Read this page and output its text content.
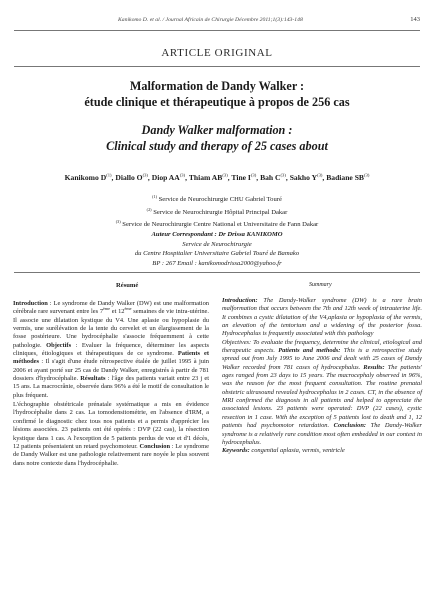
Kanikomo D. et al. / Journal Africain de Chirurgie Décembre 2011;1(3):143-148	143
ARTICLE ORIGINAL
Malformation de Dandy Walker :
étude clinique et thérapeutique à propos de 256 cas
Dandy Walker malformation :
Clinical study and therapy of 25 cases about
Kanikomo $D^{(1)}$, Diallo $O^{(3)}$, Diop AA$^{(3)}$, Thiam AB$^{(3)}$, Tine $I^{(3)}$, Bah $C^{(3)}$, Sakho $Y^{(3)}$, Badiane SB$^{(3)}$
$^{(1)}$ Service de Neurochirurgie CHU Gabriel Touré
$^{(2)}$ Service de Neurochirurgie Hôpital Principal Dakar
$^{(3)}$ Service de Neurochirurgie Centre National et Universitaire de Fann Dakar
Auteur Correspondant : Dr Drissa KANIKOMO
Service de Neurochirurgie
du Centre Hospitalier Universitaire Gabriel Touré de Bamako
BP : 267 Email : kanikomodrissa2000@yahoo.fr
Résumé	Summary

Introduction : Le syndrome de Dandy Walker (DW) est une malformation cérébrale rare survenant entre les 7ème et 12ème semaines de vie intra-utérine. Il associe une dilatation kystique du V4. Une aplasie ou hypoplasie du vermis, une surélévation de la tente du cervelet et un élargissement de la fosse postérieure. Une hydrocéphalie s'associe fréquemment à cette pathologie. Objectifs : Evaluer la fréquence, déterminer les aspects cliniques, étiologiques et thérapeutiques de ce syndrome. Patients et méthodes : Il s'agit d'une étude rétrospective étalée de juillet 1995 à juin 2006 et ayant porté sur 25 cas de Dandy Walker, enregistrés à partir de 781 dossiers d'hydrocéphalie. Résultats : l'âge des patients variait entre 23 j et 15 ans. La macrocrânie, observée dans 96% a été le motif de consultation le plus fréquent.

L'échographie obstétricale prénatale systématique a mis en évidence l'hydrocéphalie dans 2 cas. La tomodensitométrie, en l'absence d'IRM, a confirmé le diagnostic chez tous nos patients et a permis d'apprécier les lésions associées. 23 patients ont été opérés : DVP (22 cas), la résection kystique dans 1 cas. A l'exception de 5 patients perdus de vue et d'1 décès, 12 patients présentaient un retard psychomoteur. Conclusion : Le syndrome de Dandy Walker est une pathologie relativement rare noyée le plus souvent dans notre contexte dans l'hydrocéphalie.

Introduction: The Dandy-Walker syndrome (DW) is a rare brain malformation that occurs between the 7th and 12th week of intrauterine life. It combines a cystic dilatation of the V4,aplasia or hypoplasia of the vermis, an elevation of the tentorium and a widening of the posterior fossa. Hydrocephalus is frequently associated with this pathology

Objectives: To evaluate the frequency, determine the clinical, etiological and therapeutic aspects. Patients and methods: This is a retrospective study spread out from July 1995 to June 2006 and dealt with 25 cases of Dandy Walker recorded from 781 cases of hydrocephalus. Results: The patients' ages ranged from 23 days to 15 years. The macrocephaly observed in 96%, was the reason for the most frequent consultation. The routine prenatal obstetric ultrasound revealed hydrocephalus in 2 cases. CT, in the absence of MRI confirmed the diagnosis in all patients and helped to appreciate the associated lesions. 23 patients were operated: DVP (22 cases), cystic resection in 1 case. With the exception of 5 patients lost to death and 1, 12 patients had psychomotor retardation. Conclusion: The Dandy-Walker syndrome is a relatively rare condition most often embedded in our context in hydrocephalus.

Keywords: congenital aplasia, vermis, ventricle
